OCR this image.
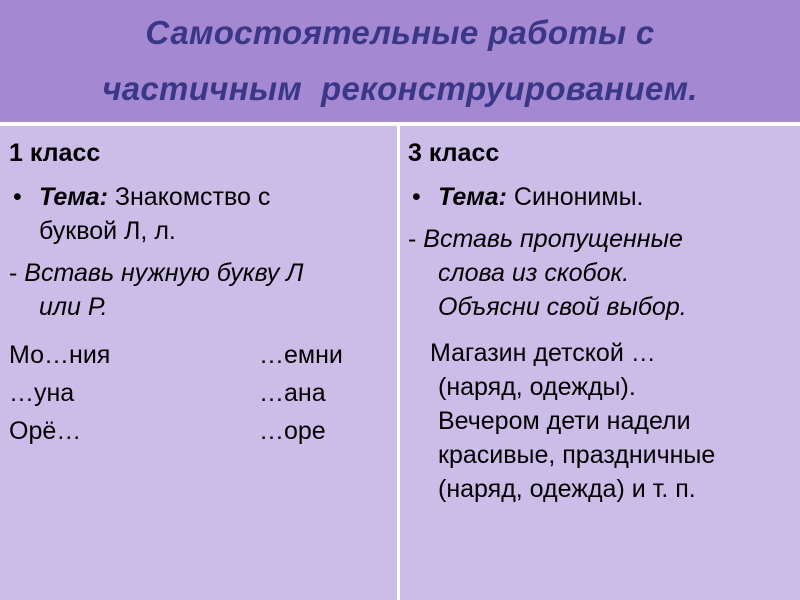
Самостоятельные работы с
частичным  реконструированием.
1 класс
• Тема: Знакомство с
буквой Л, л.
- Вставь нужную букву Л
или Р.
Мо…ния	…емни
…уна	…ана
Орё…	…оре
3 класс
• Тема: Синонимы.
- Вставь пропущенные
слова из скобок.
Объясни свой выбор.
Магазин детской …
(наряд, одежды).
Вечером дети надели
красивые, праздничные
(наряд, одежда) и т. п.
